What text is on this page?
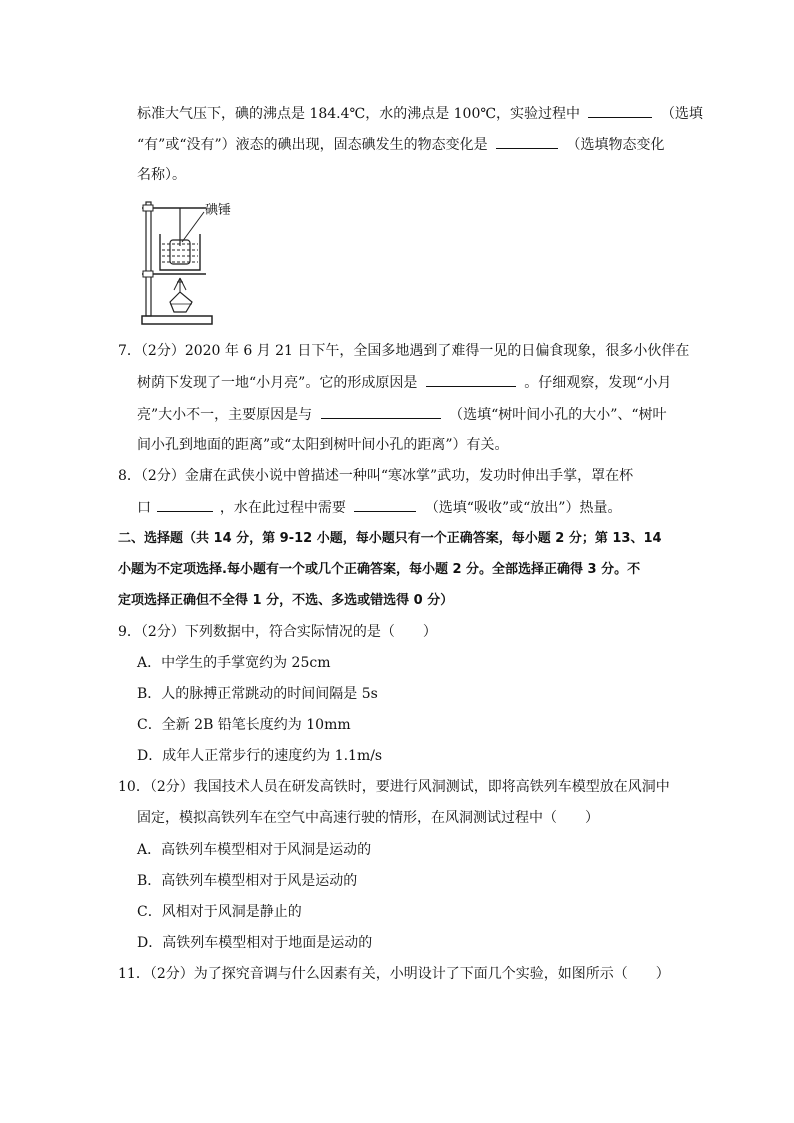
标准大气压下，碘的沸点是 184.4℃，水的沸点是 100℃，实验过程中	（选填
“有”或“没有”）液态的碘出现，固态碘发生的物态变化是	（选填物态变化
名称）。
碘锤
7．（2分）2020 年 6 月 21 日下午，全国多地遇到了难得一见的日偏食现象，很多小伙伴在
树荫下发现了一地“小月亮”。它的形成原因是	。仔细观察，发现“小月
亮”大小不一，主要原因是与	（选填“树叶间小孔的大小”、“树叶
间小孔到地面的距离”或“太阳到树叶间小孔的距离”）有关。
8．（2分）金庸在武侠小说中曾描述一种叫“寒冰掌”武功，发功时伸出手掌，罩在杯
口	，水在此过程中需要	（选填“吸收”或“放出”）热量。
二、选择题（共 14 分，第 9-12 小题，每小题只有一个正确答案，每小题 2 分；第 13、14
小题为不定项选择.每小题有一个或几个正确答案，每小题 2 分。全部选择正确得 3 分。不
定项选择正确但不全得 1 分，不选、多选或错选得 0 分）
9．（2分）下列数据中，符合实际情况的是（　　）
A．中学生的手掌宽约为 25cm
B．人的脉搏正常跳动的时间间隔是 5s
C．全新 2B 铅笔长度约为 10mm
D．成年人正常步行的速度约为 1.1m/s
10．（2分）我国技术人员在研发高铁时，要进行风洞测试，即将高铁列车模型放在风洞中
固定，模拟高铁列车在空气中高速行驶的情形，在风洞测试过程中（　　）
A．高铁列车模型相对于风洞是运动的
B．高铁列车模型相对于风是运动的
C．风相对于风洞是静止的
D．高铁列车模型相对于地面是运动的
11．（2分）为了探究音调与什么因素有关，小明设计了下面几个实验，如图所示（　　）
